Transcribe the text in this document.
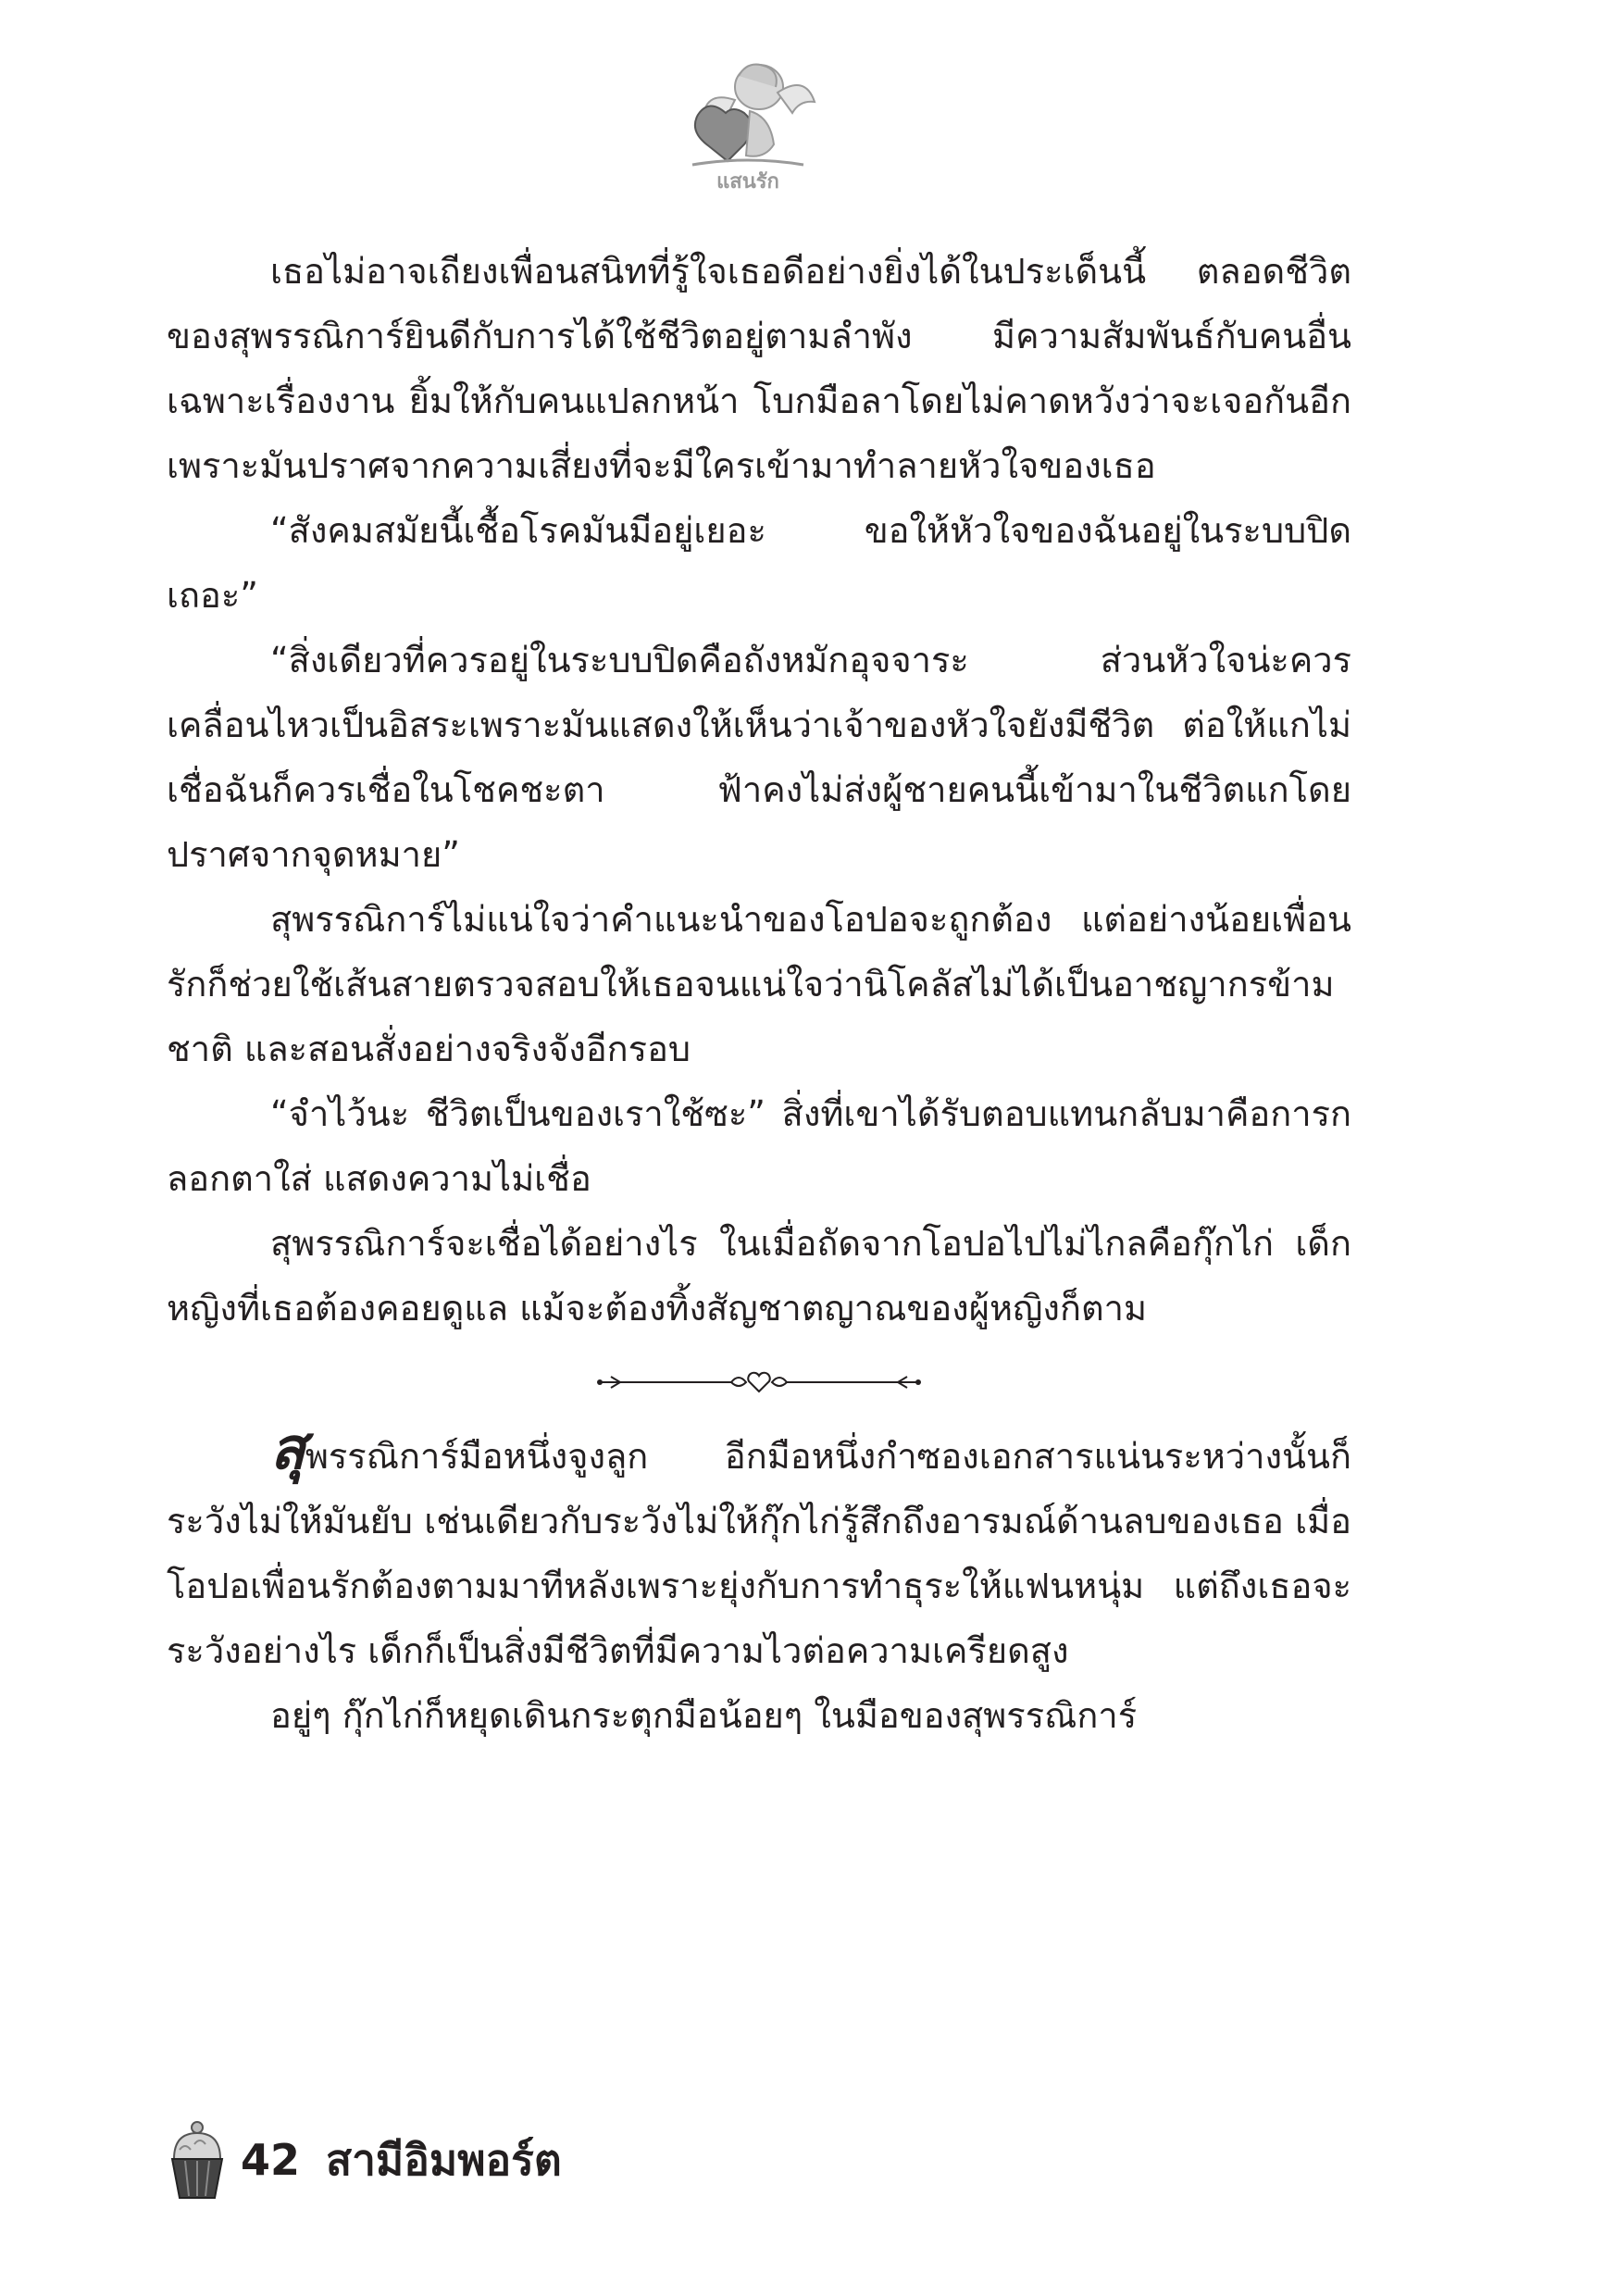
แสนรัก

เธอไม่อาจเถียงเพื่อนสนิทที่รู้ใจเธอดีอย่างยิ่งได้ในประเด็นนี้ ตลอดชีวิตของสุพรรณิการ์ยินดีกับการได้ใช้ชีวิตอยู่ตามลำพัง มีความสัมพันธ์กับคนอื่นเฉพาะเรื่องงาน ยิ้มให้กับคนแปลกหน้า โบกมือลาโดยไม่คาดหวังว่าจะเจอกันอีก เพราะมันปราศจากความเสี่ยงที่จะมีใครเข้ามาทำลายหัวใจของเธอ

“สังคมสมัยนี้เชื้อโรคมันมีอยู่เยอะ ขอให้หัวใจของฉันอยู่ในระบบปิดเถอะ”

“สิ่งเดียวที่ควรอยู่ในระบบปิดคือถังหมักอุจจาระ ส่วนหัวใจน่ะควรเคลื่อนไหวเป็นอิสระเพราะมันแสดงให้เห็นว่าเจ้าของหัวใจยังมีชีวิต ต่อให้แกไม่เชื่อฉันก็ควรเชื่อในโชคชะตา ฟ้าคงไม่ส่งผู้ชายคนนี้เข้ามาในชีวิตแกโดยปราศจากจุดหมาย”

สุพรรณิการ์ไม่แน่ใจว่าคำแนะนำของโอปอจะถูกต้อง แต่อย่างน้อยเพื่อนรักก็ช่วยใช้เส้นสายตรวจสอบให้เธอจนแน่ใจว่านิโคลัสไม่ได้เป็นอาชญากรข้ามชาติ และสอนสั่งอย่างจริงจังอีกรอบ

“จำไว้นะ ชีวิตเป็นของเราใช้ซะ” สิ่งที่เขาได้รับตอบแทนกลับมาคือการกลอกตาใส่ แสดงความไม่เชื่อ

สุพรรณิการ์จะเชื่อได้อย่างไร ในเมื่อถัดจากโอปอไปไม่ไกลคือกุ๊กไก่ เด็กหญิงที่เธอต้องคอยดูแล แม้จะต้องทิ้งสัญชาตญาณของผู้หญิงก็ตาม

สุพรรณิการ์มือหนึ่งจูงลูก อีกมือหนึ่งกำซองเอกสารแน่นระหว่างนั้นก็ระวังไม่ให้มันยับ เช่นเดียวกับระวังไม่ให้กุ๊กไก่รู้สึกถึงอารมณ์ด้านลบของเธอ เมื่อโอปอเพื่อนรักต้องตามมาทีหลังเพราะยุ่งกับการทำธุระให้แฟนหนุ่ม แต่ถึงเธอจะระวังอย่างไร เด็กก็เป็นสิ่งมีชีวิตที่มีความไวต่อความเครียดสูง

อยู่ๆ กุ๊กไก่ก็หยุดเดินกระตุกมือน้อยๆ ในมือของสุพรรณิการ์

42 สามีอิมพอร์ต
